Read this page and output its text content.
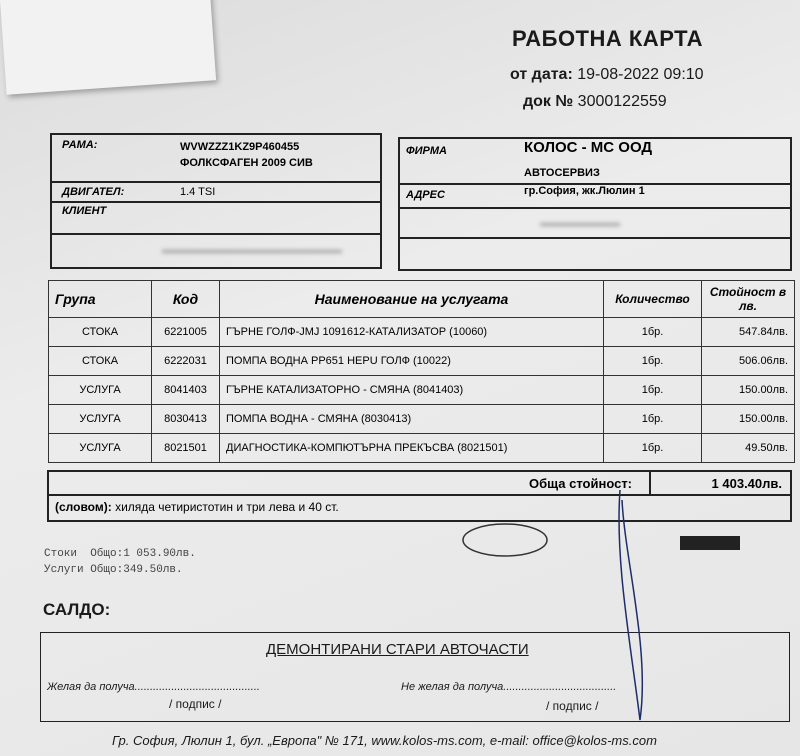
РАБОТНА КАРТА
от дата: 19-08-2022 09:10
док № 3000122559
РАМА:	WVWZZZ1KZ9P460455
ФОЛКСФАГЕН 2009 СИВ
ДВИГАТЕЛ:	1.4 TSI
КЛИЕНТ
ФИРМА	КОЛОС - МС ООД
АВТОСЕРВИЗ
АДРЕС	гр.София, жк.Люлин 1
Група	Код	Наименование на услугата	Количество	Стойност в лв.
СТОКА	6221005	ГЪРНЕ ГОЛФ-JMJ 1091612-КАТАЛИЗАТОР (10060)	1бр.	547.84лв.
СТОКА	6222031	ПОМПА ВОДНА PP651 HEPU ГОЛФ (10022)	1бр.	506.06лв.
УСЛУГА	8041403	ГЪРНЕ КАТАЛИЗАТОРНО - СМЯНА (8041403)	1бр.	150.00лв.
УСЛУГА	8030413	ПОМПА ВОДНА - СМЯНА (8030413)	1бр.	150.00лв.
УСЛУГА	8021501	ДИАГНОСТИКА-КОМПЮТЪРНА ПРЕКЪСВА (8021501)	1бр.	49.50лв.
Обща стойност:	1 403.40лв.
(словом): хиляда четиристотин и три лева и 40 ст.
Стоки  Общо:1 053.90лв.
Услуги Общо:349.50лв.
САЛДО:
ДЕМОНТИРАНИ СТАРИ АВТОЧАСТИ
Желая да получа.........................................	Не желая да получа.....................................
/ подпис /	/ подпис /
Гр. София, Люлин 1, бул. „Европа" № 171, www.kolos-ms.com, e-mail: office@kolos-ms.com
